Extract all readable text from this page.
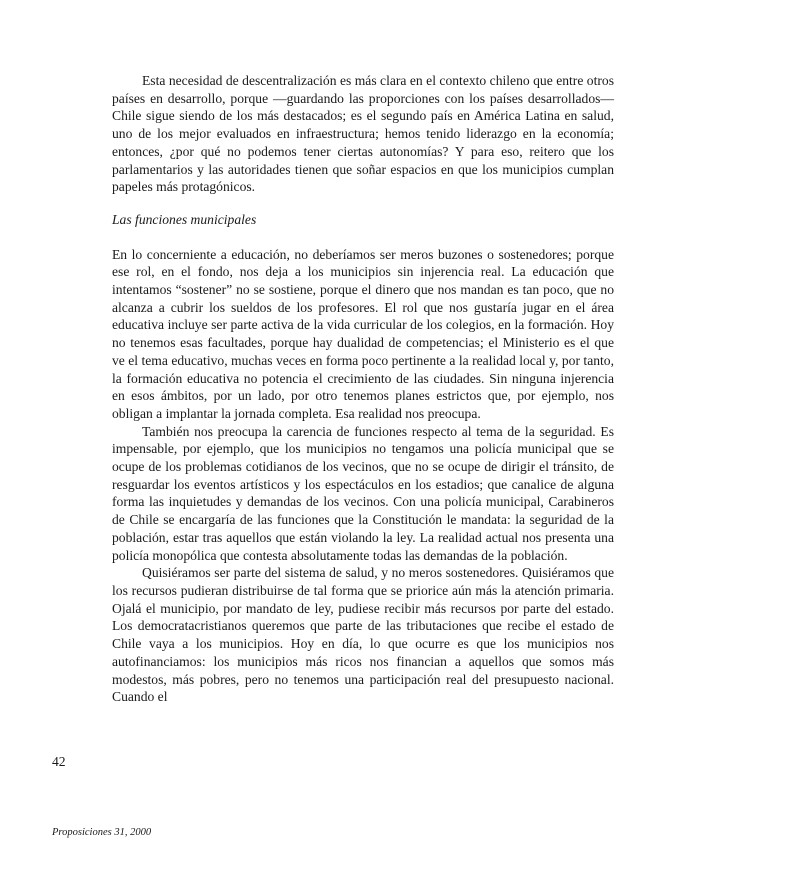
Esta necesidad de descentralización es más clara en el contexto chileno que entre otros países en desarrollo, porque —guardando las proporciones con los países desarrollados— Chile sigue siendo de los más destacados; es el segundo país en América Latina en salud, uno de los mejor evaluados en infraestructura; hemos tenido liderazgo en la economía; entonces, ¿por qué no podemos tener ciertas autonomías? Y para eso, reitero que los parlamentarios y las autoridades tienen que soñar espacios en que los municipios cumplan papeles más protagónicos.

Las funciones municipales

En lo concerniente a educación, no deberíamos ser meros buzones o sostenedores; porque ese rol, en el fondo, nos deja a los municipios sin injerencia real. La educación que intentamos “sostener” no se sostiene, porque el dinero que nos mandan es tan poco, que no alcanza a cubrir los sueldos de los profesores. El rol que nos gustaría jugar en el área educativa incluye ser parte activa de la vida curricular de los colegios, en la formación. Hoy no tenemos esas facultades, porque hay dualidad de competencias; el Ministerio es el que ve el tema educativo, muchas veces en forma poco pertinente a la realidad local y, por tanto, la formación educativa no potencia el crecimiento de las ciudades. Sin ninguna injerencia en esos ámbitos, por un lado, por otro tenemos planes estrictos que, por ejemplo, nos obligan a implantar la jornada completa. Esa realidad nos preocupa.

También nos preocupa la carencia de funciones respecto al tema de la seguridad. Es impensable, por ejemplo, que los municipios no tengamos una policía municipal que se ocupe de los problemas cotidianos de los vecinos, que no se ocupe de dirigir el tránsito, de resguardar los eventos artísticos y los espectáculos en los estadios; que canalice de alguna forma las inquietudes y demandas de los vecinos. Con una policía municipal, Carabineros de Chile se encargaría de las funciones que la Constitución le mandata: la seguridad de la población, estar tras aquellos que están violando la ley. La realidad actual nos presenta una policía monopólica que contesta absolutamente todas las demandas de la población.

Quisiéramos ser parte del sistema de salud, y no meros sostenedores. Quisiéramos que los recursos pudieran distribuirse de tal forma que se priorice aún más la atención primaria. Ojalá el municipio, por mandato de ley, pudiese recibir más recursos por parte del estado. Los democratacristianos queremos que parte de las tributaciones que recibe el estado de Chile vaya a los municipios. Hoy en día, lo que ocurre es que los municipios nos autofinanciamos: los municipios más ricos nos financian a aquellos que somos más modestos, más pobres, pero no tenemos una participación real del presupuesto nacional. Cuando el

42
Proposiciones 31, 2000
